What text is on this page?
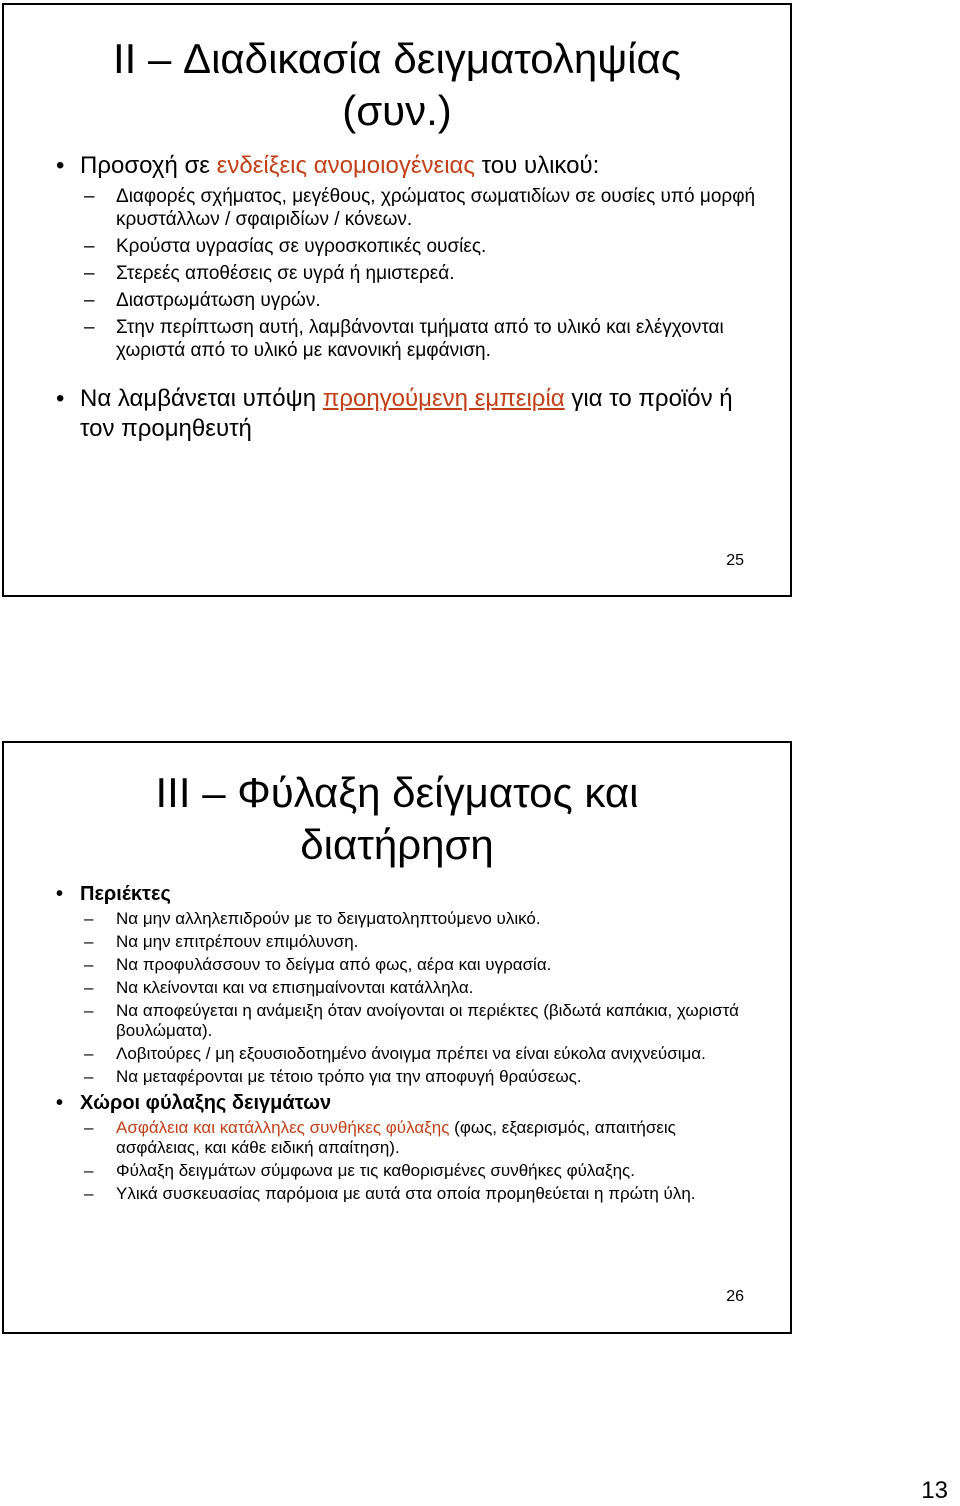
II – Διαδικασία δειγματοληψίας (συν.)
• Προσοχή σε ενδείξεις ανομοιογένειας του υλικού:
– Διαφορές σχήματος, μεγέθους, χρώματος σωματιδίων σε ουσίες υπό μορφή κρυστάλλων / σφαιριδίων / κόνεων.
– Κρούστα υγρασίας σε υγροσκοπικές ουσίες.
– Στερεές αποθέσεις σε υγρά ή ημιστερεά.
– Διαστρωμάτωση υγρών.
– Στην περίπτωση αυτή, λαμβάνονται τμήματα από το υλικό και ελέγχονται χωριστά από το υλικό με κανονική εμφάνιση.
• Να λαμβάνεται υπόψη προηγούμενη εμπειρία για το προϊόν ή τον προμηθευτή
25
III – Φύλαξη δείγματος και διατήρηση
• Περιέκτες
– Να μην αλληλεπιδρούν με το δειγματοληπτούμενο υλικό.
– Να μην επιτρέπουν επιμόλυνση.
– Να προφυλάσσουν το δείγμα από φως, αέρα και υγρασία.
– Να κλείνονται και να επισημαίνονται κατάλληλα.
– Να αποφεύγεται η ανάμειξη όταν ανοίγονται οι περιέκτες (βιδωτά καπάκια, χωριστά βουλώματα).
– Λοβιτούρες / μη εξουσιοδοτημένο άνοιγμα πρέπει να είναι εύκολα ανιχνεύσιμα.
– Να μεταφέρονται με τέτοιο τρόπο για την αποφυγή θραύσεως.
• Χώροι φύλαξης δειγμάτων
– Ασφάλεια και κατάλληλες συνθήκες φύλαξης (φως, εξαερισμός, απαιτήσεις ασφάλειας, και κάθε ειδική απαίτηση).
– Φύλαξη δειγμάτων σύμφωνα με τις καθορισμένες συνθήκες φύλαξης.
– Υλικά συσκευασίας παρόμοια με αυτά στα οποία προμηθεύεται η πρώτη ύλη.
26
13
